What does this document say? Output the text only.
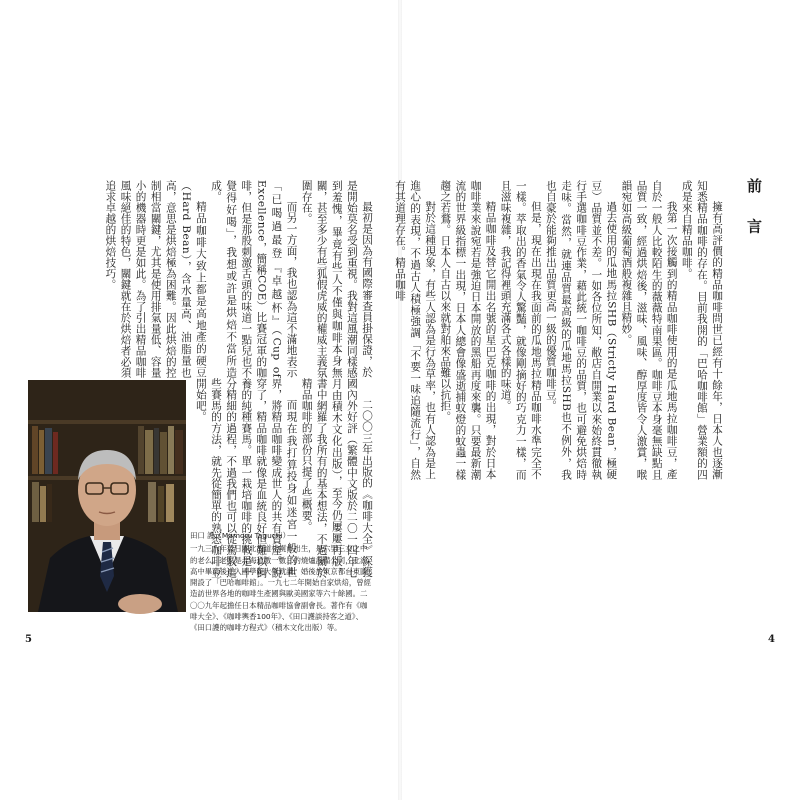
最初是因為有國際審查員掛保證，於是開始莫名受到重視。我對這風潮同樣感到羞愧，畢竟有些人不僅與咖啡本身無關，甚至多少有些狐假虎威的權威主義氛圍存在。

而另一方面，我也認為這不滿地表示「已喝過最登『卓越杯』（Cup of Excellence，簡稱COE）比賽冠軍的咖啡，但是那股刺激舌頭的味道一點兒也不覺得好喝」，我想或許是烘焙不當所造成。

精品咖啡大致上都是高地產的硬豆（Hard Bean），含水量高、油脂量也高，意思是烘焙極為困難。因此烘焙的控制相當關鍵，尤其是使用排氣量低、容量小的機器時更是如此。為了引出精品咖啡風味絕佳的特色，關鍵就在於烘焙者必須追求卓越的烘焙技巧。

二〇〇三年出版的《咖啡大全》深獲國內外好評（繁體中文版於二〇一四年七月由積木文化出版），至今仍屢屢再版，書中網羅了我所有的基本想法，不過關於精品咖啡的部份只提了些概要。

而現在我打算投身如迷宮一般的世界，將精品咖啡變成世人的共有資產。說穿了，精品咖啡就像是血統良好但難以飼養的純種賽馬。單一栽培咖啡的挑戰是十分精細的過程，不過我們也可以從駕馭這些賽馬的方法，就先從簡單的熟悉咖啡豆開始吧。

田口 護（Mamoru Taguchi）
一九三八年於日本北海道札幌市出生，是六男三女之中的老么。老家是北海道數一數二的燒爐設備公司，北海高中畢業後進入國學院大學就讀。婚後於東京都台東區開設了「巴哈咖啡館」。一九七二年開始自家烘焙，曾經造訪世界各地的咖啡生產國與歐美國家等六十餘國。二〇〇九年起擔任日本精品咖啡協會副會長。著作有《咖啡大全》、《咖啡輿香100年》、《田口護談持客之道》、《田口護的咖啡方程式》（積木文化出版）等。
5
前 言

擁有高評價的精品咖啡問世已經有十餘年，日本人也逐漸知悉精品咖啡的存在。目前我開的「巴哈咖啡館」營業額的四成是來自精品咖啡。

我第一次接觸到的精品咖啡使用的是瓜地馬拉咖啡豆，產自於一般人比較陌生的薇薇特南果區。咖啡豆本身毫無缺點且品質一致，經過烘焙後，滋味、風味、醇厚度皆令人激賞，喉韻宛如高級葡萄酒般複雜且精妙。

過去使用的瓜地馬拉SHB（Strictly Hard Bean，極硬豆）品質並不差。一如各位所知，敝店自開業以來始終貫徹執行手選咖啡豆作業，藉此統一咖啡豆的品質，也可避免烘焙時走味。當然，就連品質最高級的瓜地馬拉SHB也不例外，我也自豪於能夠推出品質更高一級的優質咖啡豆。

但是，現在出現在我面前的瓜地馬拉精品咖啡水準完全不一樣。萃取出的香氣令人驚豔，就像剛摘好的巧克力一樣，而且滋味複雜，我記得裡頭充滿各式各樣的味道。

精品咖啡及替它開出名號的星巴克咖啡的出現，對於日本咖啡業來說宛若是強迫日本開放的黑船再度來襲。只要最新潮流的世界級指標一出現，日本人總會像盛逝捕蚊燈的蚊蟲一樣趨之若鶩。日本人自古以來就對舶來品難以抗拒。

對於這種現象，有些人認為是行為草率，也有人認為是上進心的表現，不過古人積極強調「不要一味追隨流行」，自然有其道理存在。精品咖啡

4
